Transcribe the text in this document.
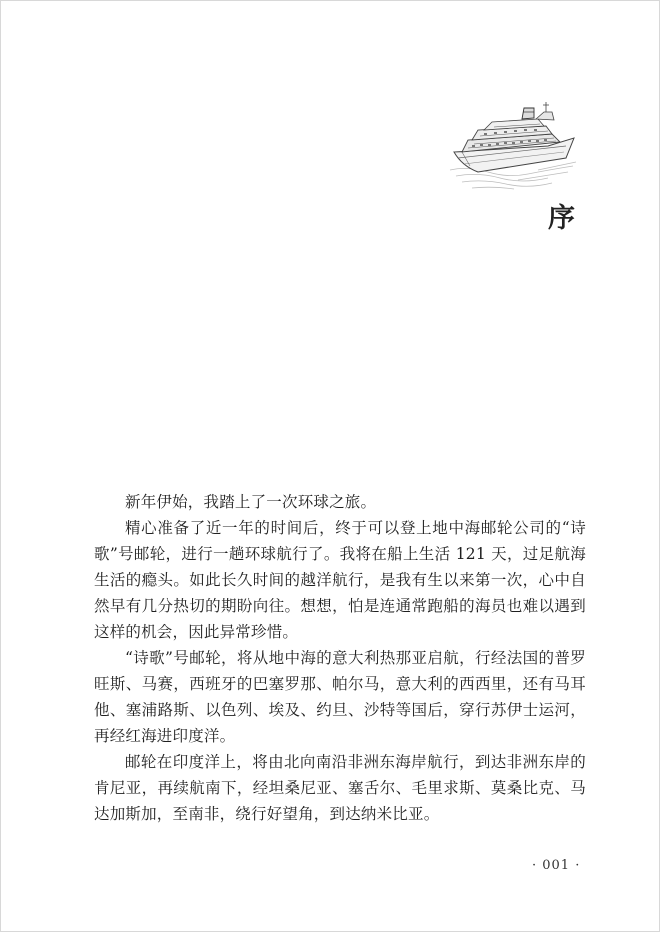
序

新年伊始，我踏上了一次环球之旅。

精心准备了近一年的时间后，终于可以登上地中海邮轮公司的“诗歌”号邮轮，进行一趟环球航行了。我将在船上生活 121 天，过足航海生活的瘾头。如此长久时间的越洋航行，是我有生以来第一次，心中自然早有几分热切的期盼向往。想想，怕是连通常跑船的海员也难以遇到这样的机会，因此异常珍惜。

“诗歌”号邮轮，将从地中海的意大利热那亚启航，行经法国的普罗旺斯、马赛，西班牙的巴塞罗那、帕尔马，意大利的西西里，还有马耳他、塞浦路斯、以色列、埃及、约旦、沙特等国后，穿行苏伊士运河，再经红海进印度洋。

邮轮在印度洋上，将由北向南沿非洲东海岸航行，到达非洲东岸的肯尼亚，再续航南下，经坦桑尼亚、塞舌尔、毛里求斯、莫桑比克、马达加斯加，至南非，绕行好望角，到达纳米比亚。

· 001 ·
